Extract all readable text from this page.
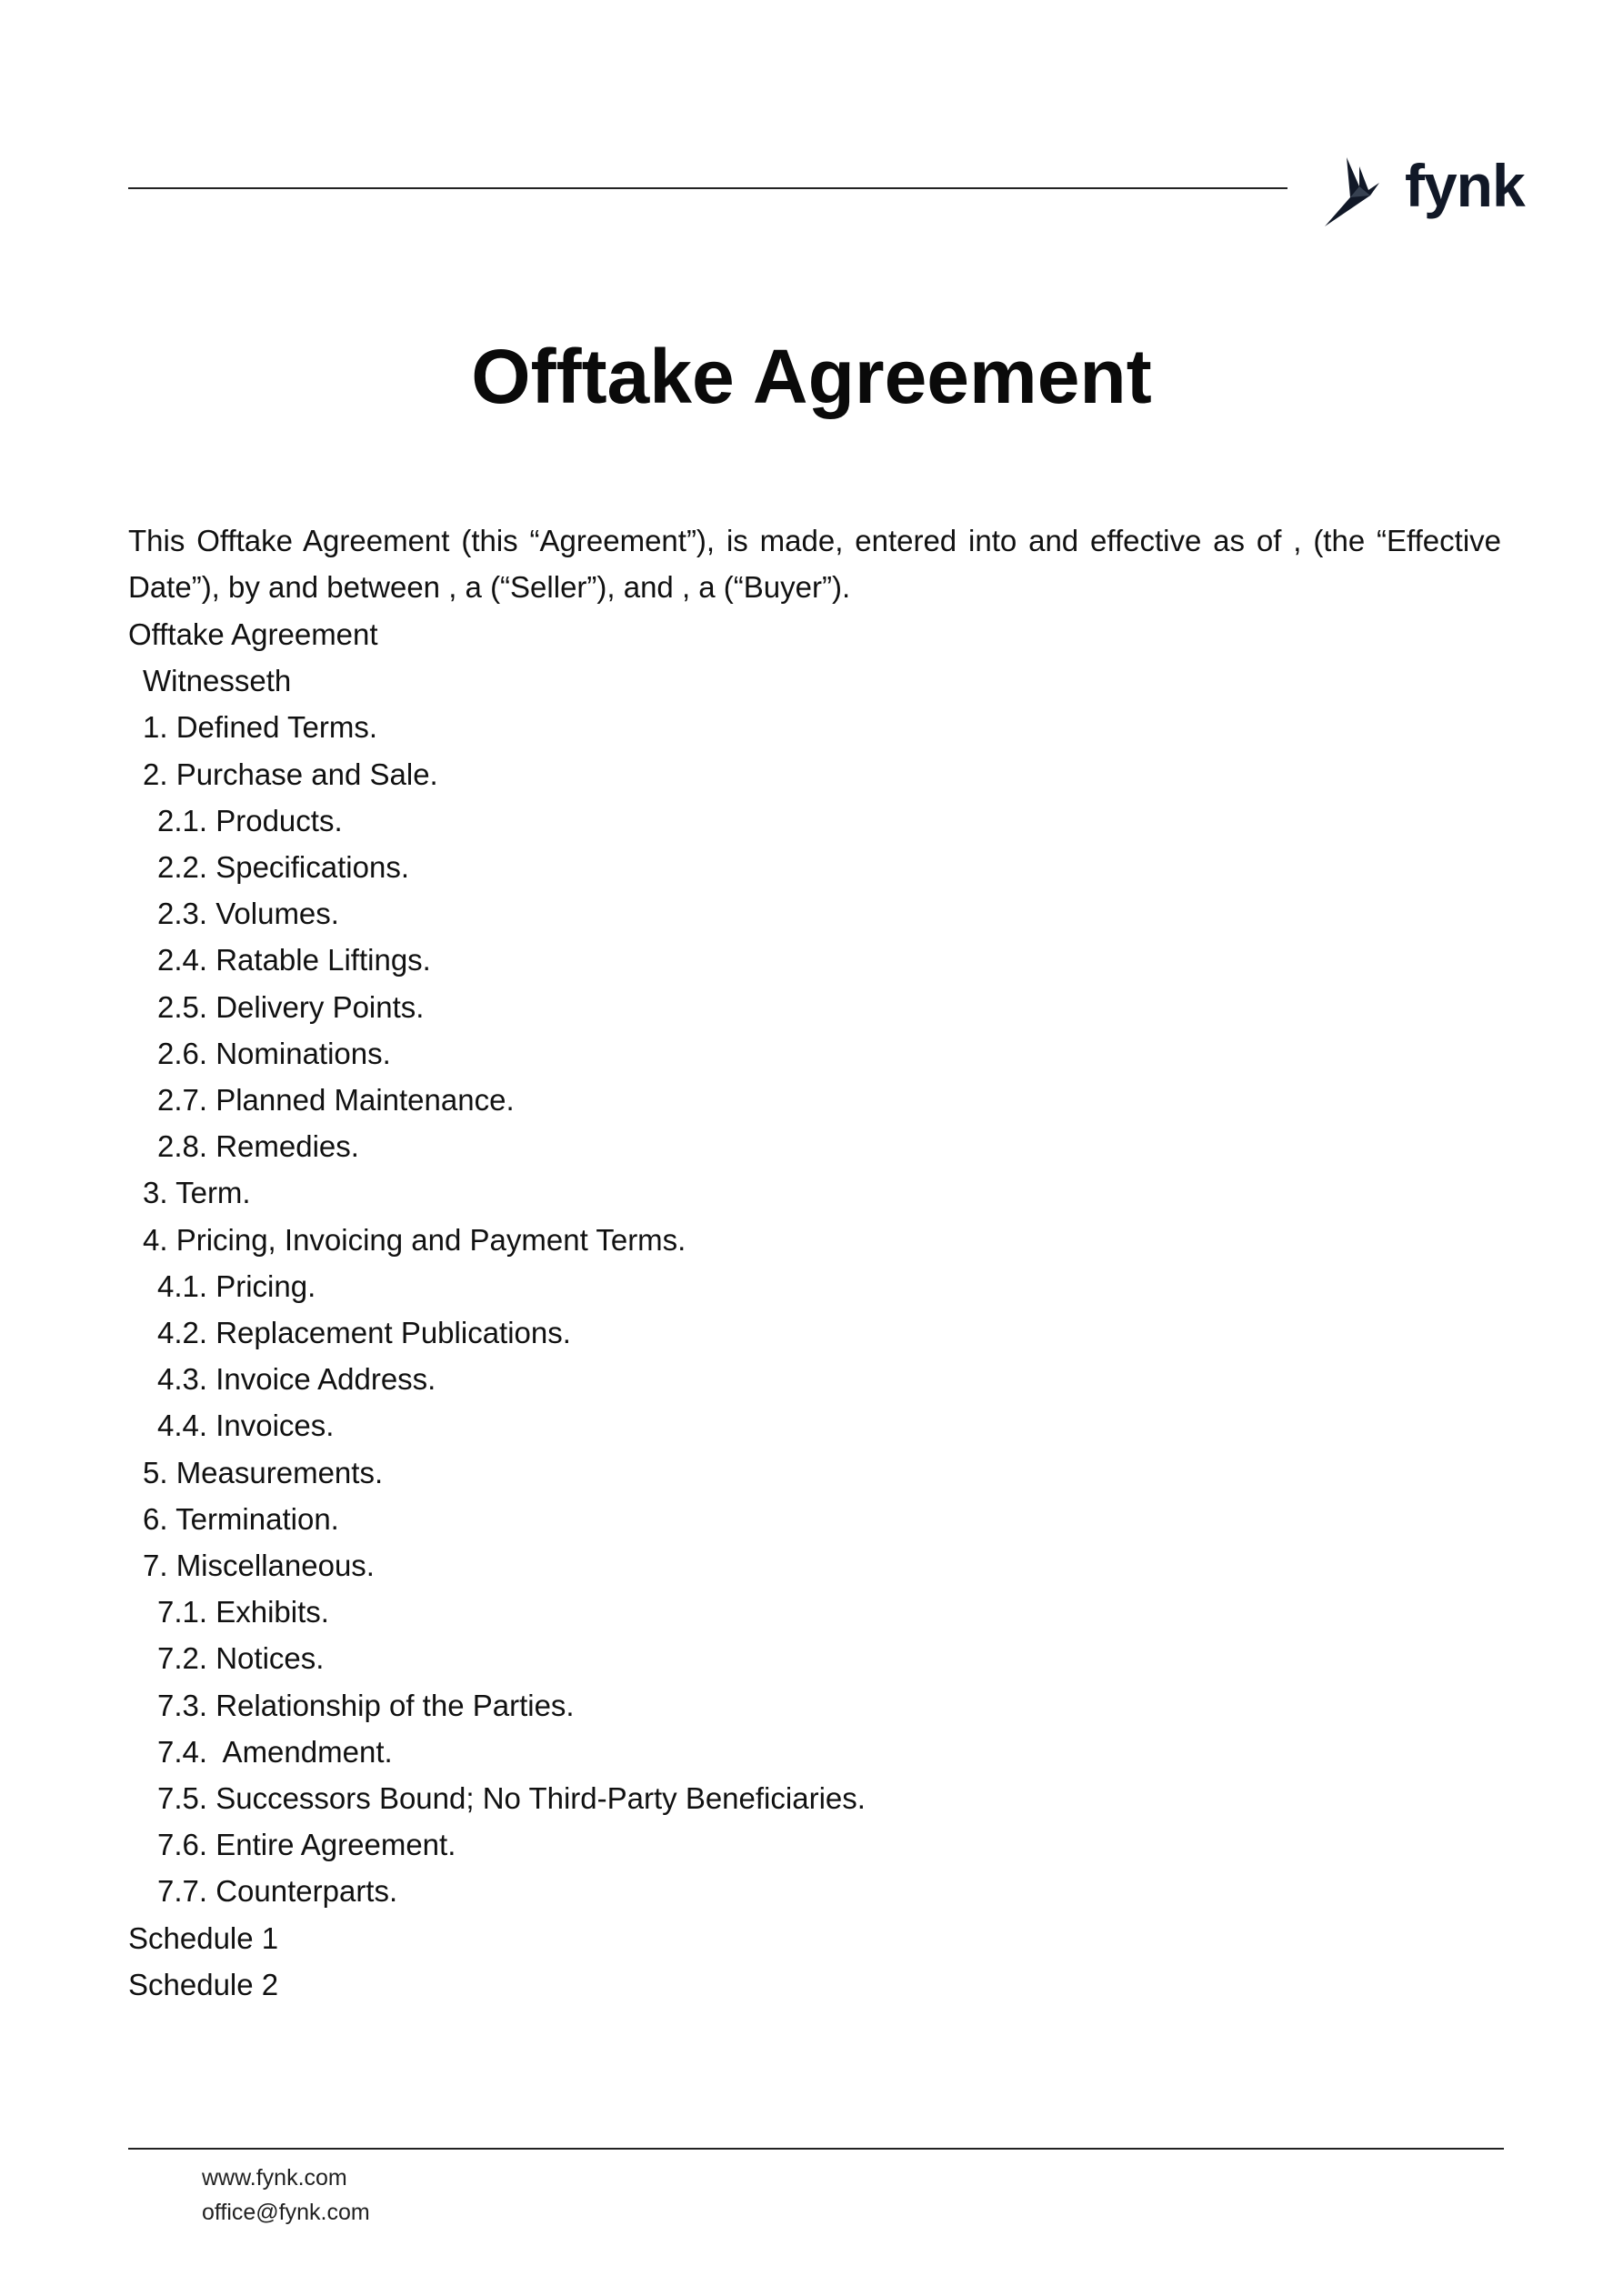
fynk
Offtake Agreement

This Offtake Agreement (this “Agreement”), is made, entered into and effective as of , (the “Effective Date”), by and between , a (“Seller”), and , a (“Buyer”).

Offtake Agreement
Witnesseth
1. Defined Terms.
2. Purchase and Sale.
2.1. Products.
2.2. Specifications.
2.3. Volumes.
2.4. Ratable Liftings.
2.5. Delivery Points.
2.6. Nominations.
2.7. Planned Maintenance.
2.8. Remedies.
3. Term.
4. Pricing, Invoicing and Payment Terms.
4.1. Pricing.
4.2. Replacement Publications.
4.3. Invoice Address.
4.4. Invoices.
5. Measurements.
6. Termination.
7. Miscellaneous.
7.1. Exhibits.
7.2. Notices.
7.3. Relationship of the Parties.
7.4.  Amendment.
7.5. Successors Bound; No Third-Party Beneficiaries.
7.6. Entire Agreement.
7.7. Counterparts.
Schedule 1
Schedule 2
www.fynk.com
office@fynk.com
